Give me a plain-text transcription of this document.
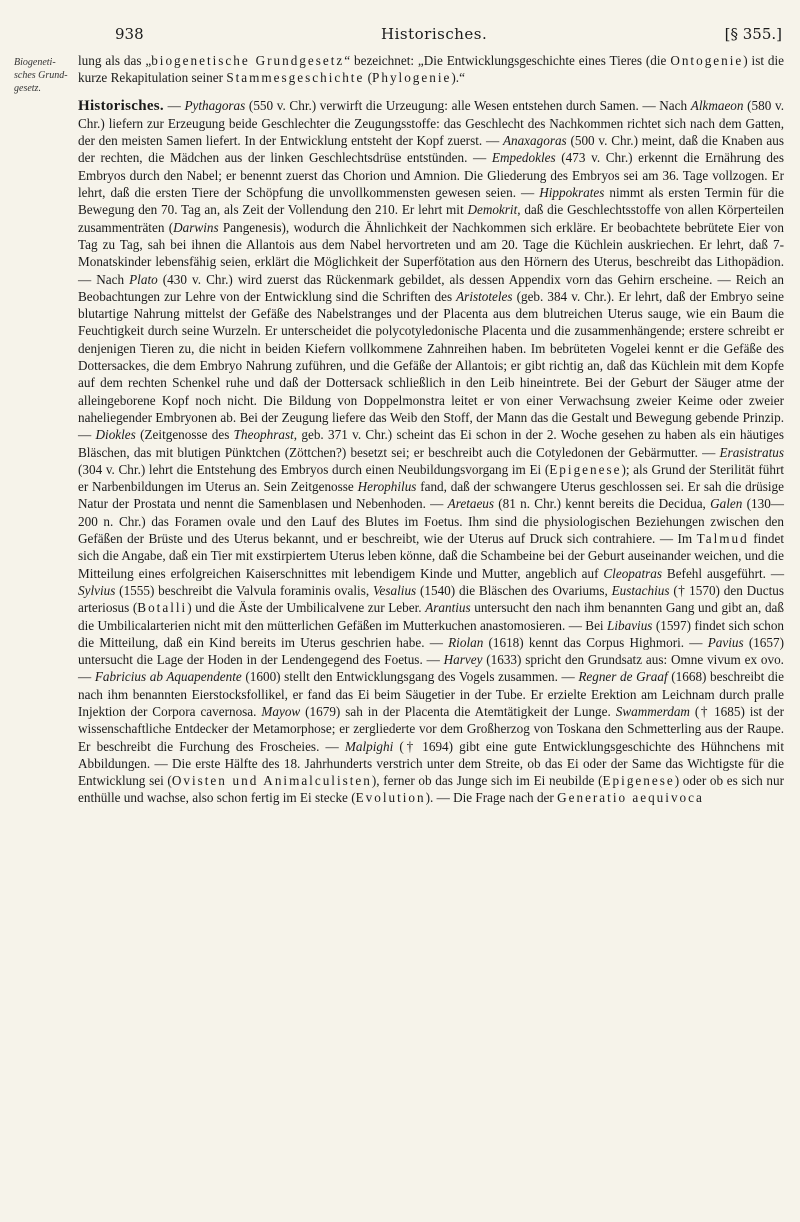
938	Historisches.	[§ 355.]
Biogeneti-sches Grund-gesetz.

lung als das „biogenetische Grundgesetz“ bezeichnet: „Die Entwicklungsgeschichte eines Tieres (die Ontogenie) ist die kurze Rekapitulation seiner Stammesgeschichte (Phylogenie).“

Historisches. — Pythagoras (550 v. Chr.) verwirft die Urzeugung: alle Wesen entstehen durch Samen. — Nach Alkmaeon (580 v. Chr.) liefern zur Erzeugung beide Geschlechter die Zeugungsstoffe: das Geschlecht des Nachkommen richtet sich nach dem Gatten, der den meisten Samen liefert. In der Entwicklung entsteht der Kopf zuerst. — Anaxagoras (500 v. Chr.) meint, daß die Knaben aus der rechten, die Mädchen aus der linken Geschlechtsdrüse entstünden. — Empedokles (473 v. Chr.) erkennt die Ernährung des Embryos durch den Nabel; er benennt zuerst das Chorion und Amnion. Die Gliederung des Embryos sei am 36. Tage vollzogen. Er lehrt, daß die ersten Tiere der Schöpfung die unvollkommensten gewesen seien. — Hippokrates nimmt als ersten Termin für die Bewegung den 70. Tag an, als Zeit der Vollendung den 210. Er lehrt mit Demokrit, daß die Geschlechtsstoffe von allen Körperteilen zusammenträten (Darwins Pangenesis), wodurch die Ähnlichkeit der Nachkommen sich erkläre. Er beobachtete bebrütete Eier von Tag zu Tag, sah bei ihnen die Allantois aus dem Nabel hervortreten und am 20. Tage die Küchlein auskriechen. Er lehrt, daß 7-Monatskinder lebensfähig seien, erklärt die Möglichkeit der Superfötation aus den Hörnern des Uterus, beschreibt das Lithopädion. — Nach Plato (430 v. Chr.) wird zuerst das Rückenmark gebildet, als dessen Appendix vorn das Gehirn erscheine. — Reich an Beobachtungen zur Lehre von der Entwicklung sind die Schriften des Aristoteles (geb. 384 v. Chr.). Er lehrt, daß der Embryo seine blutartige Nahrung mittelst der Gefäße des Nabelstranges und der Placenta aus dem blutreichen Uterus sauge, wie ein Baum die Feuchtigkeit durch seine Wurzeln. Er unterscheidet die polycotyledonische Placenta und die zusammenhängende; erstere schreibt er denjenigen Tieren zu, die nicht in beiden Kiefern vollkommene Zahnreihen haben. Im bebrüteten Vogelei kennt er die Gefäße des Dottersackes, die dem Embryo Nahrung zuführen, und die Gefäße der Allantois; er gibt richtig an, daß das Küchlein mit dem Kopfe auf dem rechten Schenkel ruhe und daß der Dottersack schließlich in den Leib hineintrete. Bei der Geburt der Säuger atme der alleingeborene Kopf noch nicht. Die Bildung von Doppelmonstra leitet er von einer Verwachsung zweier Keime oder zweier naheliegender Embryonen ab. Bei der Zeugung liefere das Weib den Stoff, der Mann das die Gestalt und Bewegung gebende Prinzip. — Diokles (Zeitgenosse des Theophrast, geb. 371 v. Chr.) scheint das Ei schon in der 2. Woche gesehen zu haben als ein häutiges Bläschen, das mit blutigen Pünktchen (Zöttchen?) besetzt sei; er beschreibt auch die Cotyledonen der Gebärmutter. — Erasistratus (304 v. Chr.) lehrt die Entstehung des Embryos durch einen Neubildungsvorgang im Ei (Epigenese); als Grund der Sterilität führt er Narbenbildungen im Uterus an. Sein Zeitgenosse Herophilus fand, daß der schwangere Uterus geschlossen sei. Er sah die drüsige Natur der Prostata und nennt die Samenblasen und Nebenhoden. — Aretaeus (81 n. Chr.) kennt bereits die Decidua, Galen (130—200 n. Chr.) das Foramen ovale und den Lauf des Blutes im Foetus. Ihm sind die physiologischen Beziehungen zwischen den Gefäßen der Brüste und des Uterus bekannt, und er beschreibt, wie der Uterus auf Druck sich contrahiere. — Im Talmud findet sich die Angabe, daß ein Tier mit exstirpiertem Uterus leben könne, daß die Schambeine bei der Geburt auseinander weichen, und die Mitteilung eines erfolgreichen Kaiserschnittes mit lebendigem Kinde und Mutter, angeblich auf Cleopatras Befehl ausgeführt. — Sylvius (1555) beschreibt die Valvula foraminis ovalis, Vesalius (1540) die Bläschen des Ovariums, Eustachius († 1570) den Ductus arteriosus (Botalli) und die Äste der Umbilicalvene zur Leber. Arantius untersucht den nach ihm benannten Gang und gibt an, daß die Umbilicalarterien nicht mit den mütterlichen Gefäßen im Mutterkuchen anastomosieren. — Bei Libavius (1597) findet sich schon die Mitteilung, daß ein Kind bereits im Uterus geschrien habe. — Riolan (1618) kennt das Corpus Highmori. — Pavius (1657) untersucht die Lage der Hoden in der Lendengegend des Foetus. — Harvey (1633) spricht den Grundsatz aus: Omne vivum ex ovo. — Fabricius ab Aquapendente (1600) stellt den Entwicklungsgang des Vogels zusammen. — Regner de Graaf (1668) beschreibt die nach ihm benannten Eierstocksfollikel, er fand das Ei beim Säugetier in der Tube. Er erzielte Erektion am Leichnam durch pralle Injektion der Corpora cavernosa. Mayow (1679) sah in der Placenta die Atemtätigkeit der Lunge. Swammerdam († 1685) ist der wissenschaftliche Entdecker der Metamorphose; er zergliederte vor dem Großherzog von Toskana den Schmetterling aus der Raupe. Er beschreibt die Furchung des Froscheies. — Malpighi († 1694) gibt eine gute Entwicklungsgeschichte des Hühnchens mit Abbildungen. — Die erste Hälfte des 18. Jahrhunderts verstrich unter dem Streite, ob das Ei oder der Same das Wichtigste für die Entwicklung sei (Ovisten und Animalculisten), ferner ob das Junge sich im Ei neubilde (Epigenese) oder ob es sich nur enthülle und wachse, also schon fertig im Ei stecke (Evolution). — Die Frage nach der Generatio aequivoca
